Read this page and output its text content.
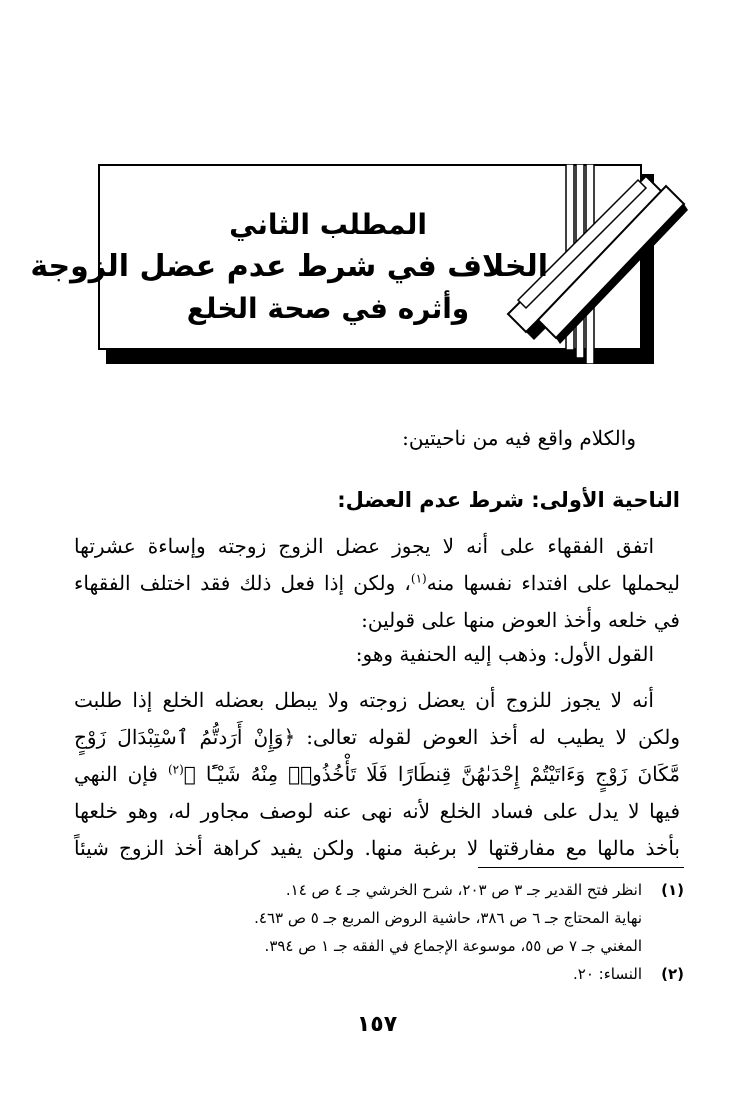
المطلب الثاني
الخلاف في شرط عدم عضل الزوجة
وأثره في صحة الخلع
والكلام واقع فيه من ناحيتين:
الناحية الأولى: شرط عدم العضل:
اتفق الفقهاء على أنه لا يجوز عضل الزوج زوجته وإساءة عشرتها
ليحملها على افتداء نفسها منه$^{(١)}$، ولكن إذا فعل ذلك فقد اختلف الفقهاء
في خلعه وأخذ العوض منها على قولين:
القول الأول: وذهب إليه الحنفية وهو:
أنه لا يجوز للزوج أن يعضل زوجته ولا يبطل بعضله الخلع إذا طلبت
ولكن لا يطيب له أخذ العوض لقوله تعالى: ﴿وَإِنْ أَرَدتُّمُ ٱسْتِبْدَالَ زَوْجٍ
مَّكَانَ زَوْجٍ وَءَاتَيْتُمْ إِحْدَىٰهُنَّ قِنطَارًا فَلَا تَأْخُذُوا۟ مِنْهُ شَيْـًٔا ﴾$^{(٢)}$ فإن النهي
فيها لا يدل على فساد الخلع لأنه نهى عنه لوصف مجاور له، وهو خلعها
بأخذ مالها مع مفارقتها لا برغبة منها. ولكن يفيد كراهة أخذ الزوج شيئاً
(١)
انظر فتح القدير جـ ٣ ص ٢٠٣، شرح الخرشي جـ ٤ ص ١٤.
نهاية المحتاج جـ ٦ ص ٣٨٦، حاشية الروض المربع جـ ٥ ص ٤٦٣.
المغني جـ ٧ ص ٥٥، موسوعة الإجماع في الفقه جـ ١ ص ٣٩٤.
(٢)
النساء: ٢٠.
١٥٧
